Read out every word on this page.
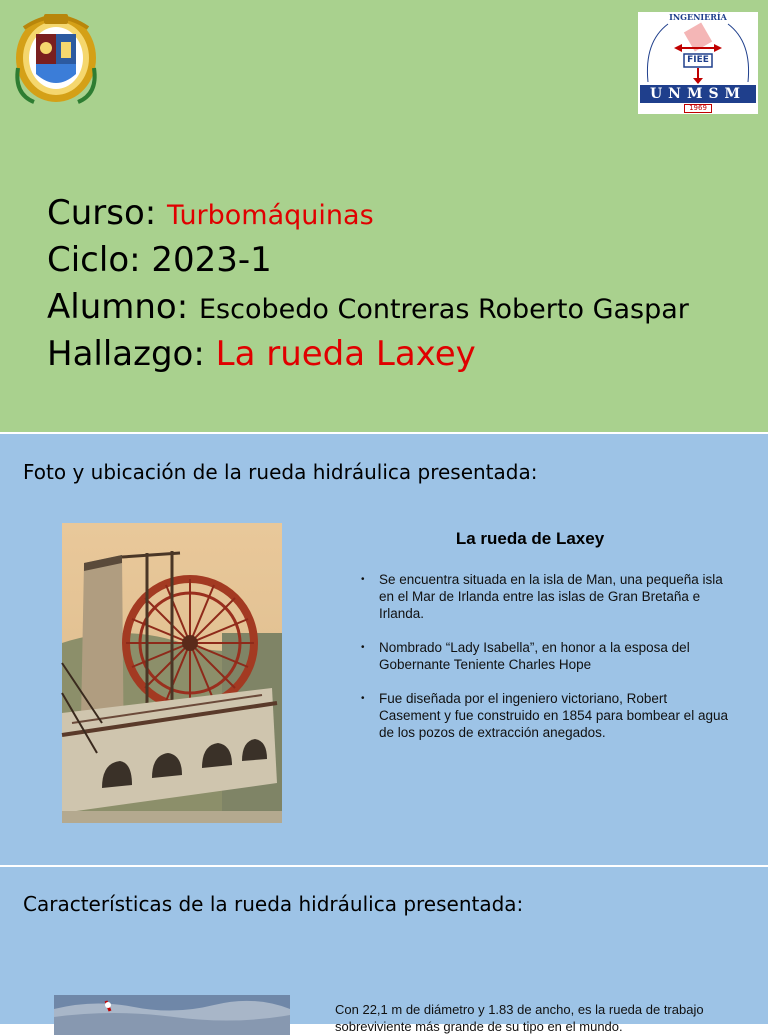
INGENIERÍA
FIEE
UNMSM
1969
Curso: Turbomáquinas
Ciclo: 2023-1
Alumno: Escobedo Contreras Roberto Gaspar
Hallazgo: La rueda Laxey
Foto y ubicación de la rueda hidráulica presentada:
La rueda de Laxey
• Se encuentra situada en la isla de Man, una pequeña isla en el Mar de Irlanda entre las islas de Gran Bretaña e Irlanda.
• Nombrado “Lady Isabella”, en honor a la esposa del Gobernante Teniente Charles Hope
• Fue diseñada por el ingeniero victoriano, Robert Casement y fue construido en 1854 para bombear el agua de los pozos de extracción anegados.
Características de la rueda hidráulica presentada:
Con 22,1 m de diámetro y 1.83 de ancho, es la rueda de trabajo sobreviviente más grande de su tipo en el mundo.
